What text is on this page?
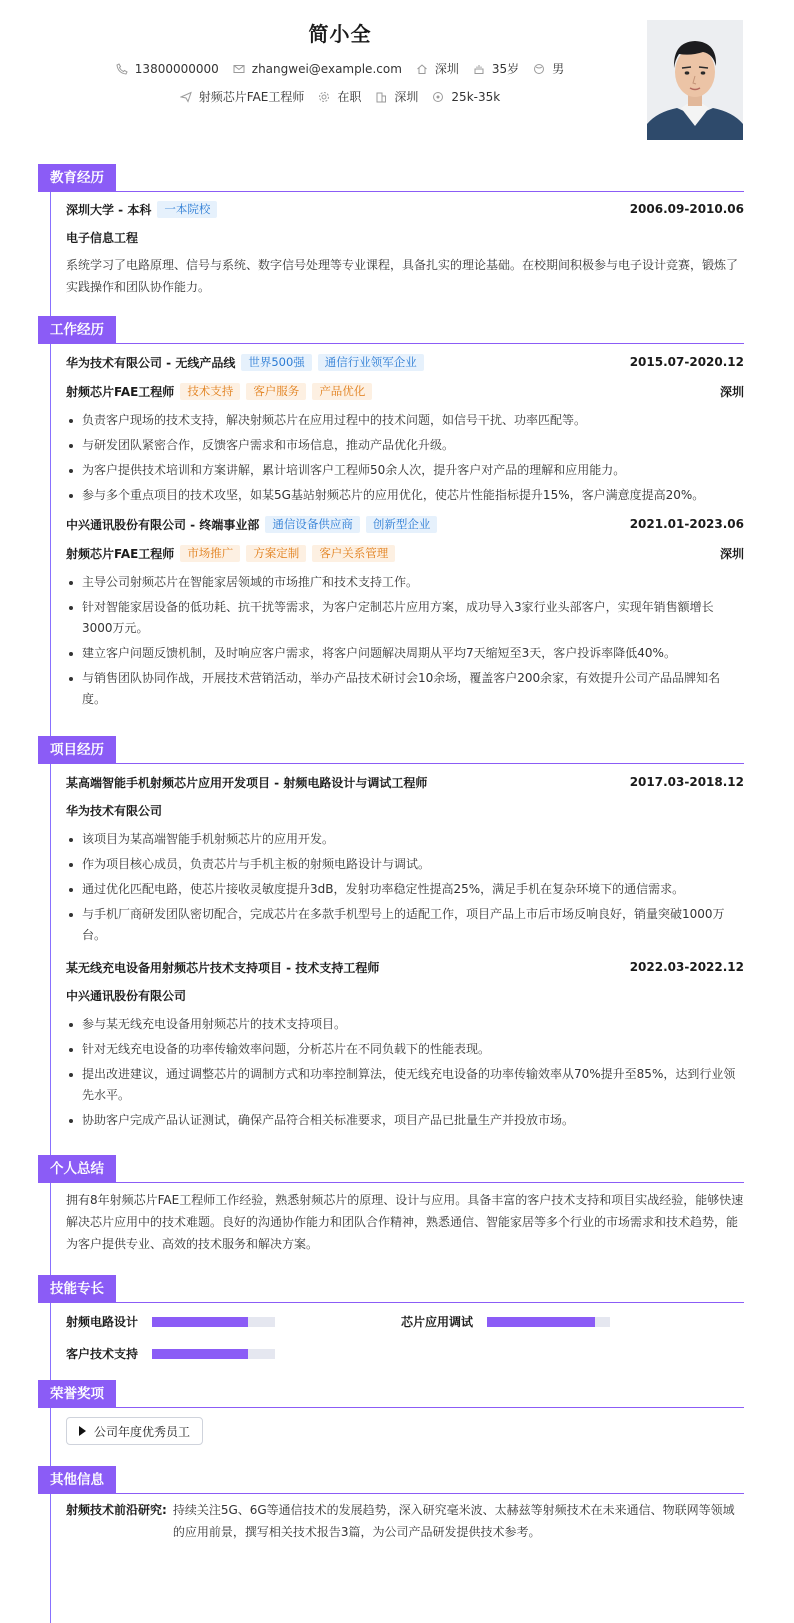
简小全
13800000000	zhangwei@example.com	深圳	35岁	男
射频芯片FAE工程师	在职	深圳	25k-35k
教育经历
深圳大学 - 本科	一本院校	2006.09-2010.06
电子信息工程
系统学习了电路原理、信号与系统、数字信号处理等专业课程，具备扎实的理论基础。在校期间积极参与电子设计竞赛，锻炼了实践操作和团队协作能力。
工作经历
华为技术有限公司 - 无线产品线	世界500强	通信行业领军企业	2015.07-2020.12
射频芯片FAE工程师	技术支持	客户服务	产品优化	深圳
负责客户现场的技术支持，解决射频芯片在应用过程中的技术问题，如信号干扰、功率匹配等。
与研发团队紧密合作，反馈客户需求和市场信息，推动产品优化升级。
为客户提供技术培训和方案讲解，累计培训客户工程师50余人次，提升客户对产品的理解和应用能力。
参与多个重点项目的技术攻坚，如某5G基站射频芯片的应用优化，使芯片性能指标提升15%，客户满意度提高20%。
中兴通讯股份有限公司 - 终端事业部	通信设备供应商	创新型企业	2021.01-2023.06
射频芯片FAE工程师	市场推广	方案定制	客户关系管理	深圳
主导公司射频芯片在智能家居领域的市场推广和技术支持工作。
针对智能家居设备的低功耗、抗干扰等需求，为客户定制芯片应用方案，成功导入3家行业头部客户，实现年销售额增长3000万元。
建立客户问题反馈机制，及时响应客户需求，将客户问题解决周期从平均7天缩短至3天，客户投诉率降低40%。
与销售团队协同作战，开展技术营销活动，举办产品技术研讨会10余场，覆盖客户200余家，有效提升公司产品品牌知名度。
项目经历
某高端智能手机射频芯片应用开发项目 - 射频电路设计与调试工程师	2017.03-2018.12
华为技术有限公司
该项目为某高端智能手机射频芯片的应用开发。
作为项目核心成员，负责芯片与手机主板的射频电路设计与调试。
通过优化匹配电路，使芯片接收灵敏度提升3dB，发射功率稳定性提高25%，满足手机在复杂环境下的通信需求。
与手机厂商研发团队密切配合，完成芯片在多款手机型号上的适配工作，项目产品上市后市场反响良好，销量突破1000万台。
某无线充电设备用射频芯片技术支持项目 - 技术支持工程师	2022.03-2022.12
中兴通讯股份有限公司
参与某无线充电设备用射频芯片的技术支持项目。
针对无线充电设备的功率传输效率问题，分析芯片在不同负载下的性能表现。
提出改进建议，通过调整芯片的调制方式和功率控制算法，使无线充电设备的功率传输效率从70%提升至85%，达到行业领先水平。
协助客户完成产品认证测试，确保产品符合相关标准要求，项目产品已批量生产并投放市场。
个人总结
拥有8年射频芯片FAE工程师工作经验，熟悉射频芯片的原理、设计与应用。具备丰富的客户技术支持和项目实战经验，能够快速解决芯片应用中的技术难题。良好的沟通协作能力和团队合作精神，熟悉通信、智能家居等多个行业的市场需求和技术趋势，能为客户提供专业、高效的技术服务和解决方案。
技能专长
射频电路设计	芯片应用调试
客户技术支持
荣誉奖项
公司年度优秀员工
其他信息
射频技术前沿研究: 持续关注5G、6G等通信技术的发展趋势，深入研究毫米波、太赫兹等射频技术在未来通信、物联网等领域的应用前景，撰写相关技术报告3篇，为公司产品研发提供技术参考。
